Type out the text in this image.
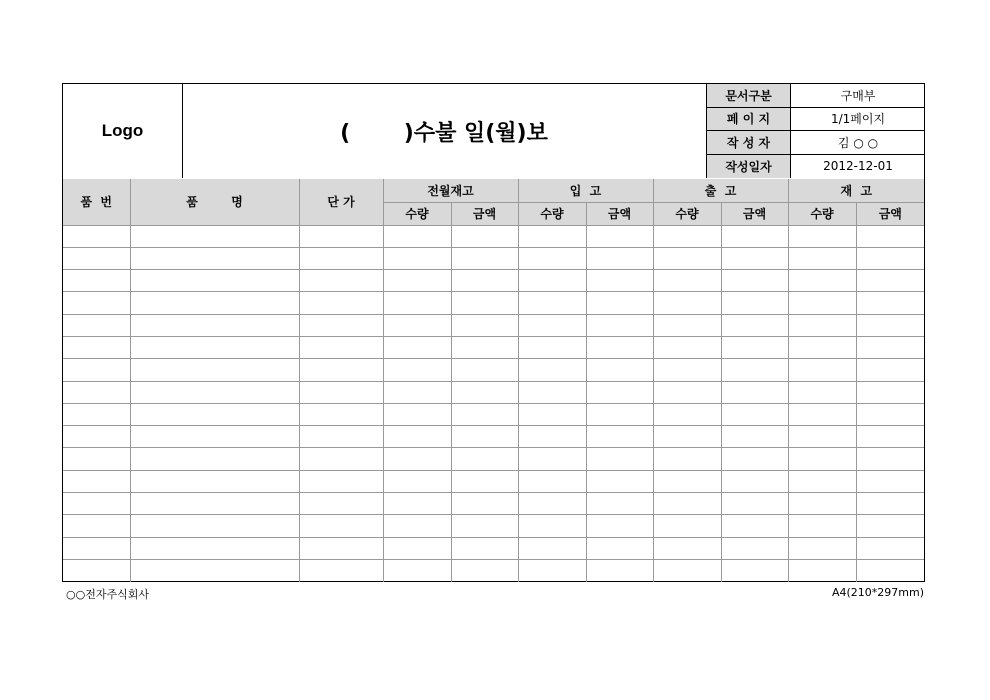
Logo	(       )수불 일(월)보
문서구분	구매부
페 이 지	1/1페이지
작 성 자	김 ○ ○
작성일자	2012-12-01
품  번	품        명	단 가	전월재고		입  고		출  고		재  고	
			수량	금액	수량	금액	수량	금액	수량	금액

○○전자주식회사	A4(210*297mm)
